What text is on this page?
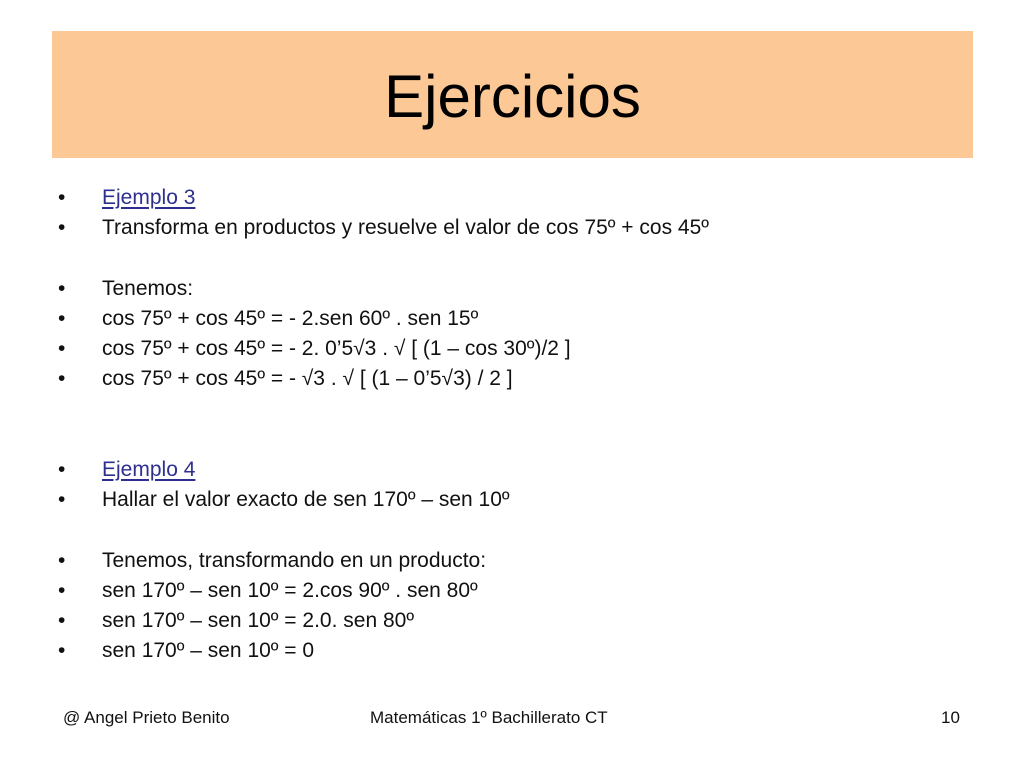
Ejercicios
•	Ejemplo 3
•	Transforma en productos y resuelve el valor de cos 75º + cos 45º
•	Tenemos:
•	cos 75º + cos 45º = - 2.sen 60º . sen 15º
•	cos 75º + cos 45º = - 2. 0’5√3 . √ [ (1 – cos 30º)/2 ]
•	cos 75º + cos 45º = - √3 . √ [ (1 – 0’5√3) / 2 ]
•	Ejemplo 4
•	Hallar el valor exacto de sen 170º – sen 10º
•	Tenemos, transformando en un producto:
•	sen 170º – sen 10º = 2.cos 90º . sen 80º
•	sen 170º – sen 10º = 2.0. sen 80º
•	sen 170º – sen 10º = 0
@ Angel Prieto Benito	Matemáticas 1º Bachillerato CT	10
